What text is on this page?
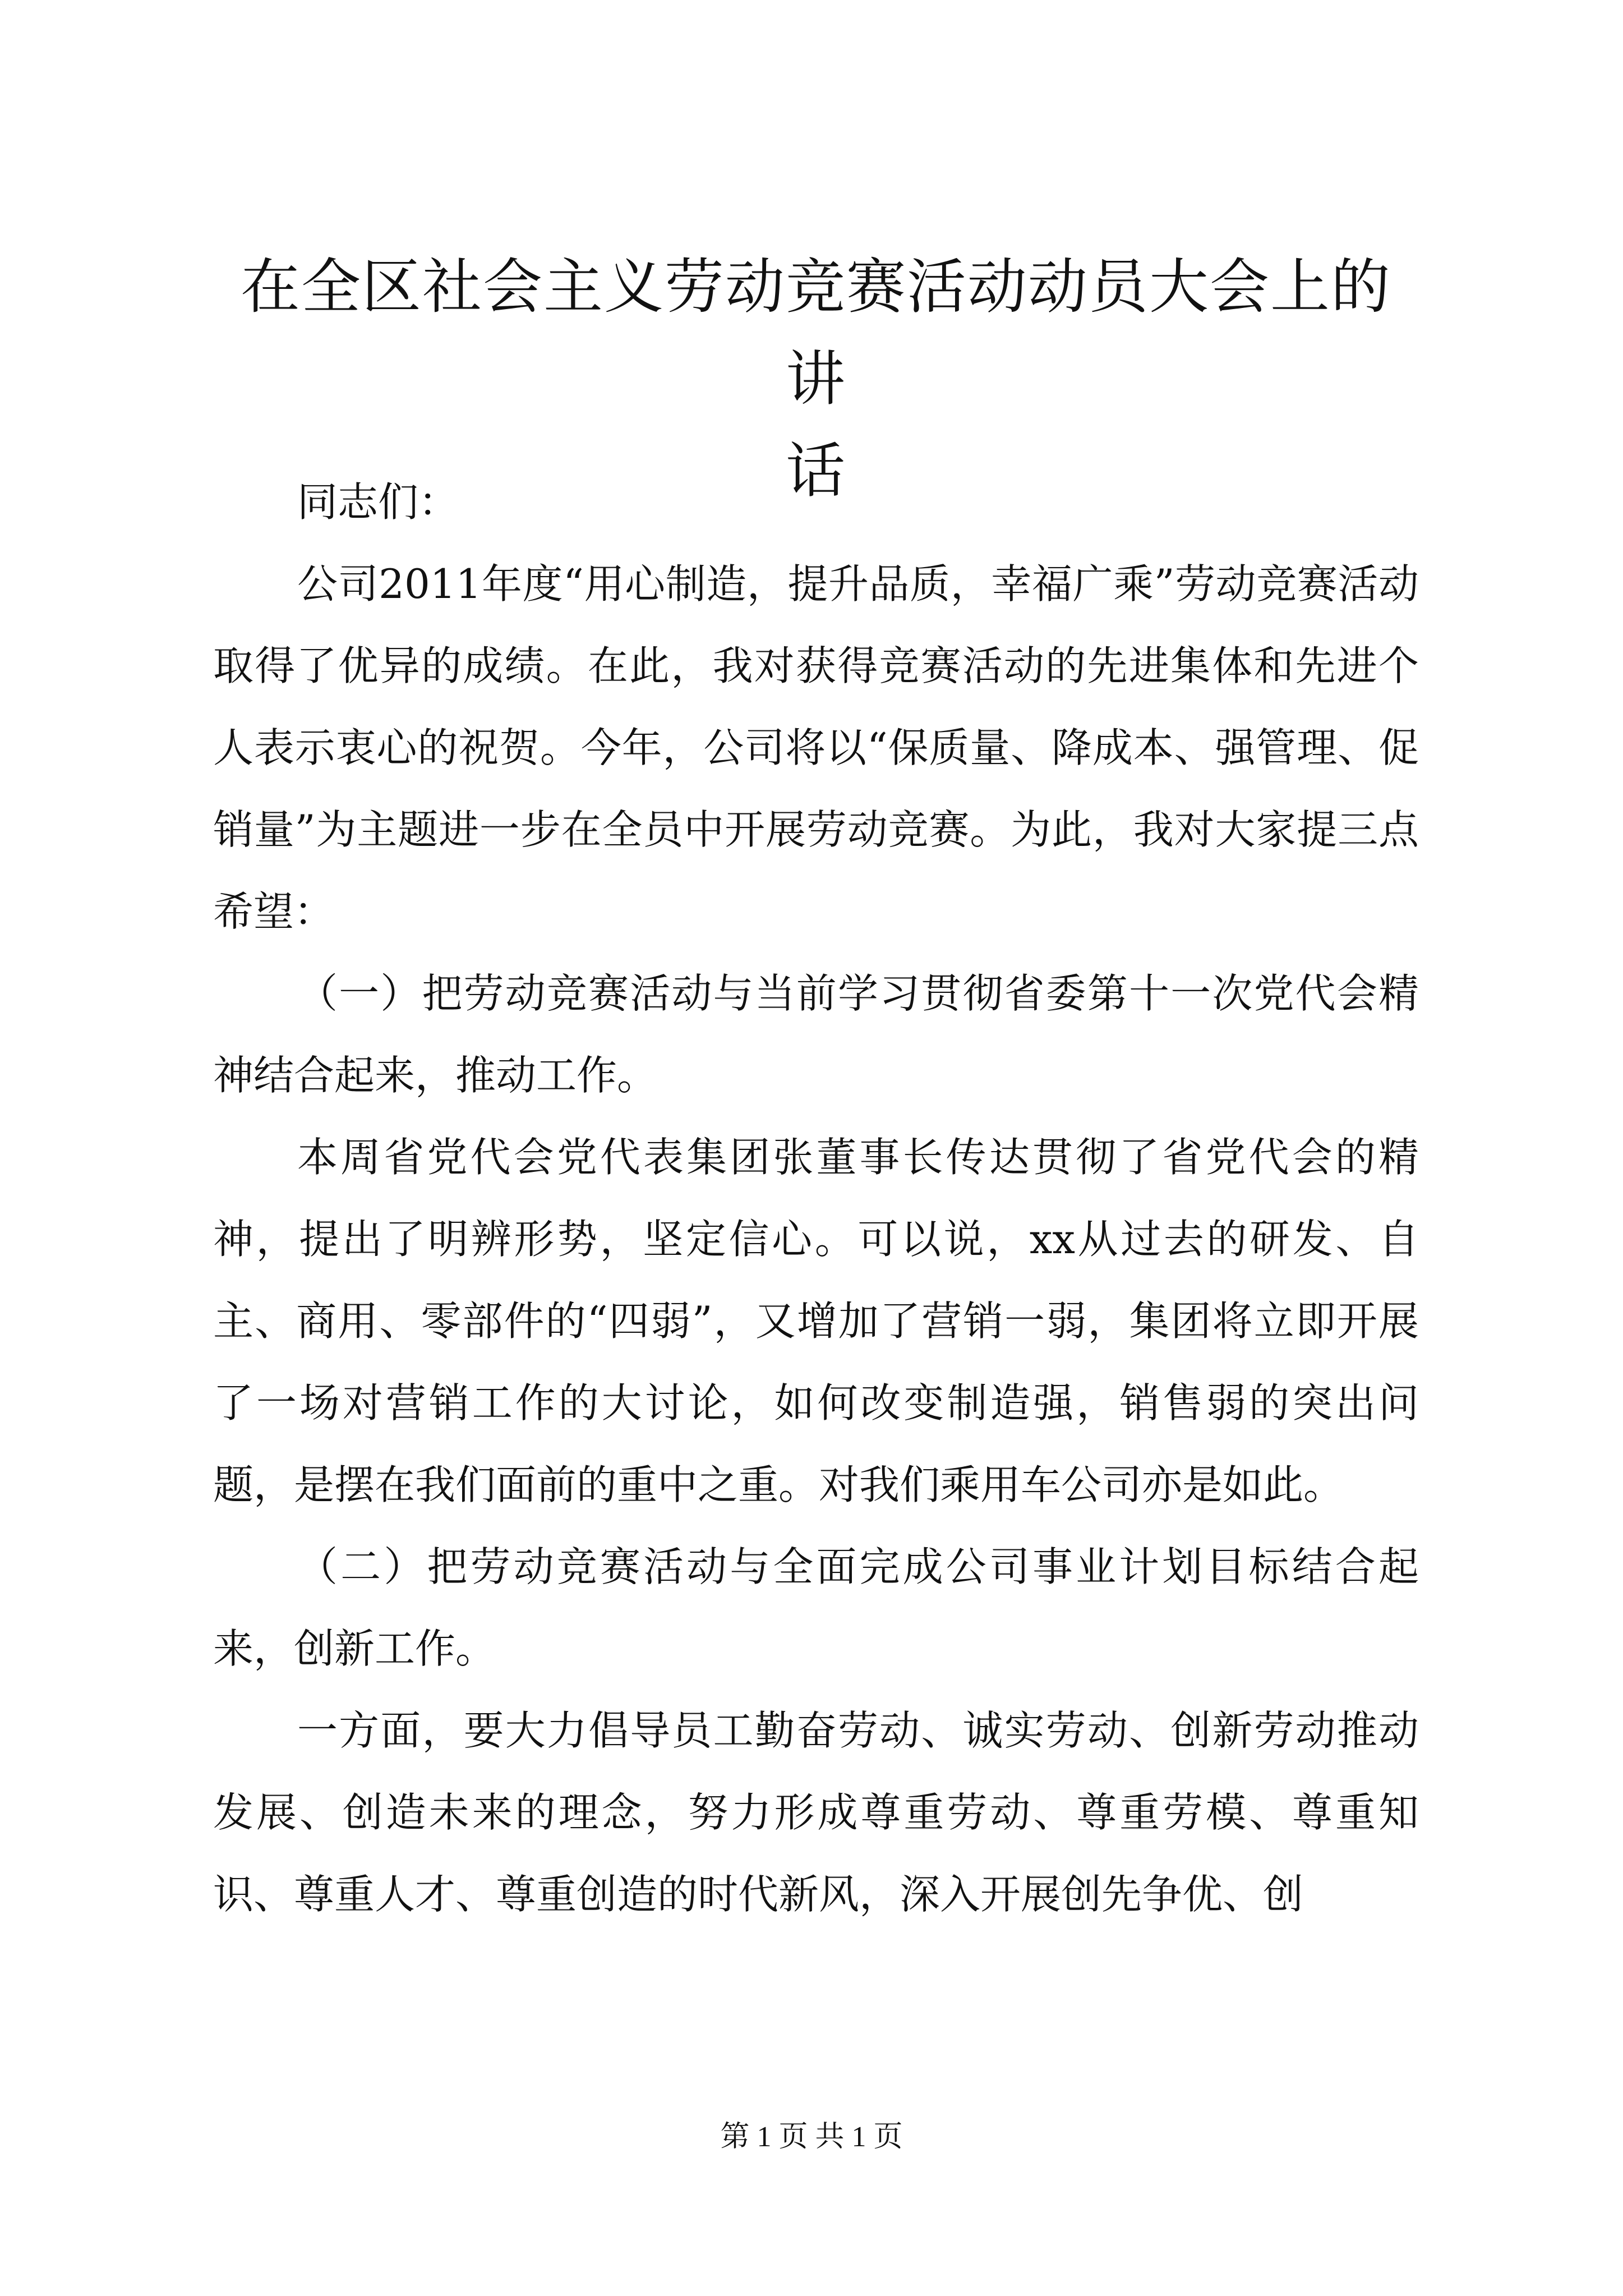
在全区社会主义劳动竞赛活动动员大会上的讲
话

同志们：

公司2011年度“用心制造，提升品质，幸福广乘”劳动竞赛活动取得了优异的成绩。在此，我对获得竞赛活动的先进集体和先进个人表示衷心的祝贺。今年，公司将以“保质量、降成本、强管理、促销量”为主题进一步在全员中开展劳动竞赛。为此，我对大家提三点希望：

（一）把劳动竞赛活动与当前学习贯彻省委第十一次党代会精神结合起来，推动工作。

本周省党代会党代表集团张董事长传达贯彻了省党代会的精神，提出了明辨形势，坚定信心。可以说，xx从过去的研发、自主、商用、零部件的“四弱”，又增加了营销一弱，集团将立即开展了一场对营销工作的大讨论，如何改变制造强，销售弱的突出问题，是摆在我们面前的重中之重。对我们乘用车公司亦是如此。

（二）把劳动竞赛活动与全面完成公司事业计划目标结合起来，创新工作。

一方面，要大力倡导员工勤奋劳动、诚实劳动、创新劳动推动发展、创造未来的理念，努力形成尊重劳动、尊重劳模、尊重知识、尊重人才、尊重创造的时代新风，深入开展创先争优、创

第 1 页 共 1 页
